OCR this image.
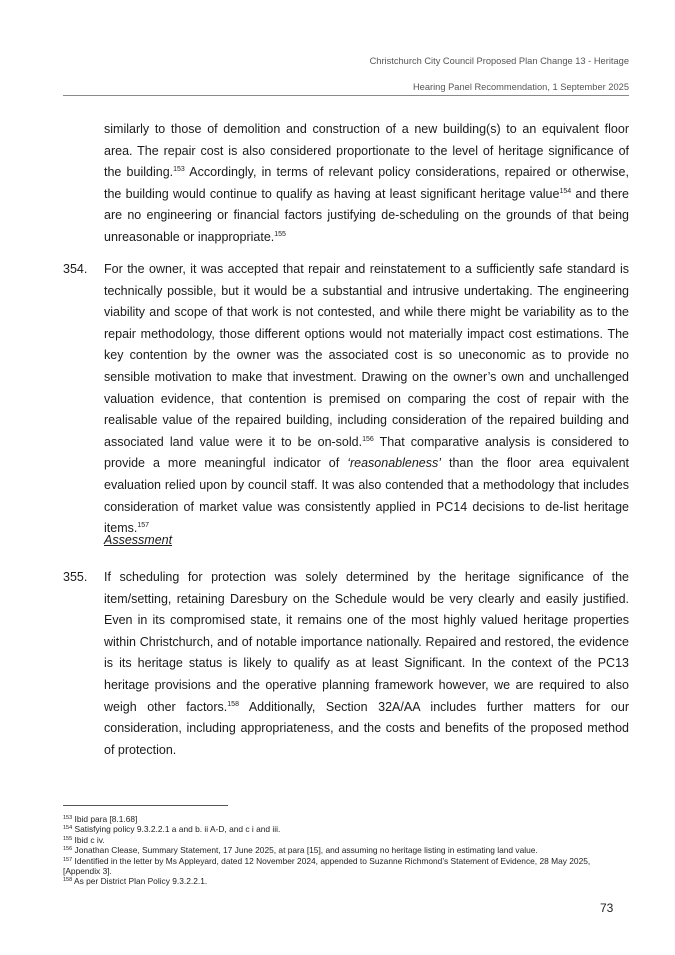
Christchurch City Council Proposed Plan Change 13 - Heritage
Hearing Panel Recommendation, 1 September 2025
similarly to those of demolition and construction of a new building(s) to an equivalent floor area. The repair cost is also considered proportionate to the level of heritage significance of the building.$^{153}$ Accordingly, in terms of relevant policy considerations, repaired or otherwise, the building would continue to qualify as having at least significant heritage value$^{154}$ and there are no engineering or financial factors justifying de-scheduling on the grounds of that being unreasonable or inappropriate.$^{155}$
354. For the owner, it was accepted that repair and reinstatement to a sufficiently safe standard is technically possible, but it would be a substantial and intrusive undertaking. The engineering viability and scope of that work is not contested, and while there might be variability as to the repair methodology, those different options would not materially impact cost estimations. The key contention by the owner was the associated cost is so uneconomic as to provide no sensible motivation to make that investment. Drawing on the owner’s own and unchallenged valuation evidence, that contention is premised on comparing the cost of repair with the realisable value of the repaired building, including consideration of the repaired building and associated land value were it to be on-sold.$^{156}$ That comparative analysis is considered to provide a more meaningful indicator of ‘reasonableness’ than the floor area equivalent evaluation relied upon by council staff. It was also contended that a methodology that includes consideration of market value was consistently applied in PC14 decisions to de-list heritage items.$^{157}$
Assessment
355. If scheduling for protection was solely determined by the heritage significance of the item/setting, retaining Daresbury on the Schedule would be very clearly and easily justified. Even in its compromised state, it remains one of the most highly valued heritage properties within Christchurch, and of notable importance nationally. Repaired and restored, the evidence is its heritage status is likely to qualify as at least Significant. In the context of the PC13 heritage provisions and the operative planning framework however, we are required to also weigh other factors.$^{158}$ Additionally, Section 32A/AA includes further matters for our consideration, including appropriateness, and the costs and benefits of the proposed method of protection.
$^{153}$ Ibid para [8.1.68]
$^{154}$ Satisfying policy 9.3.2.2.1 a and b. ii A-D, and c i and iii.
$^{155}$ Ibid c iv.
$^{156}$ Jonathan Clease, Summary Statement, 17 June 2025, at para [15], and assuming no heritage listing in estimating land value.
$^{157}$ Identified in the letter by Ms Appleyard, dated 12 November 2024, appended to Suzanne Richmond’s Statement of Evidence, 28 May 2025, [Appendix 3].
$^{158}$ As per District Plan Policy 9.3.2.2.1.
73
